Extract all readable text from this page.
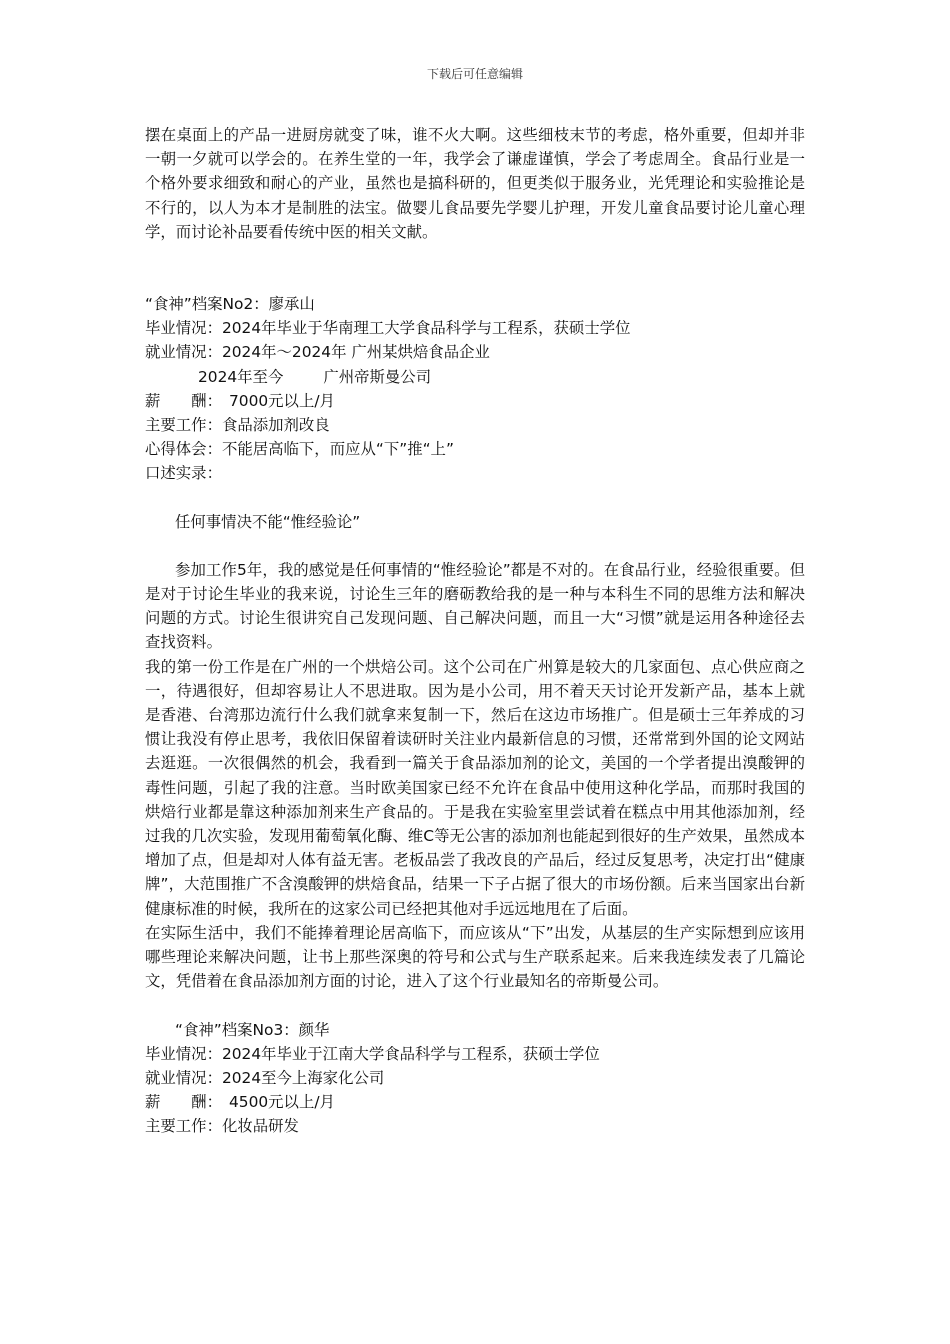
下载后可任意编辑

摆在桌面上的产品一进厨房就变了味，谁不火大啊。这些细枝末节的考虑，格外重要，但却并非一朝一夕就可以学会的。在养生堂的一年，我学会了谦虚谨慎，学会了考虑周全。食品行业是一个格外要求细致和耐心的产业，虽然也是搞科研的，但更类似于服务业，光凭理论和实验推论是不行的，以人为本才是制胜的法宝。做婴儿食品要先学婴儿护理，开发儿童食品要讨论儿童心理学，而讨论补品要看传统中医的相关文献。

“食神”档案No2：廖承山

毕业情况：2024年毕业于华南理工大学食品科学与工程系，获硕士学位

就业情况：2024年～2024年 广州某烘焙食品企业

2024年至今	广州帝斯曼公司
薪　　酬： 7000元以上/月

主要工作：食品添加剂改良

心得体会：不能居高临下，而应从“下”推“上”

口述实录：

任何事情决不能“惟经验论”

参加工作5年，我的感觉是任何事情的“惟经验论”都是不对的。在食品行业，经验很重要。但是对于讨论生毕业的我来说，讨论生三年的磨砺教给我的是一种与本科生不同的思维方法和解决问题的方式。讨论生很讲究自己发现问题、自己解决问题，而且一大“习惯”就是运用各种途径去查找资料。

我的第一份工作是在广州的一个烘焙公司。这个公司在广州算是较大的几家面包、点心供应商之一，待遇很好，但却容易让人不思进取。因为是小公司，用不着天天讨论开发新产品，基本上就是香港、台湾那边流行什么我们就拿来复制一下，然后在这边市场推广。但是硕士三年养成的习惯让我没有停止思考，我依旧保留着读研时关注业内最新信息的习惯，还常常到外国的论文网站去逛逛。一次很偶然的机会，我看到一篇关于食品添加剂的论文，美国的一个学者提出溴酸钾的毒性问题，引起了我的注意。当时欧美国家已经不允许在食品中使用这种化学品，而那时我国的烘焙行业都是靠这种添加剂来生产食品的。于是我在实验室里尝试着在糕点中用其他添加剂，经过我的几次实验，发现用葡萄氧化酶、维C等无公害的添加剂也能起到很好的生产效果，虽然成本增加了点，但是却对人体有益无害。老板品尝了我改良的产品后，经过反复思考，决定打出“健康牌”，大范围推广不含溴酸钾的烘焙食品，结果一下子占据了很大的市场份额。后来当国家出台新健康标准的时候，我所在的这家公司已经把其他对手远远地甩在了后面。

在实际生活中，我们不能捧着理论居高临下，而应该从“下”出发，从基层的生产实际想到应该用哪些理论来解决问题，让书上那些深奥的符号和公式与生产联系起来。后来我连续发表了几篇论文，凭借着在食品添加剂方面的讨论，进入了这个行业最知名的帝斯曼公司。

“食神”档案No3：颜华

毕业情况：2024年毕业于江南大学食品科学与工程系，获硕士学位

就业情况：2024至今上海家化公司

薪　　酬： 4500元以上/月

主要工作：化妆品研发
